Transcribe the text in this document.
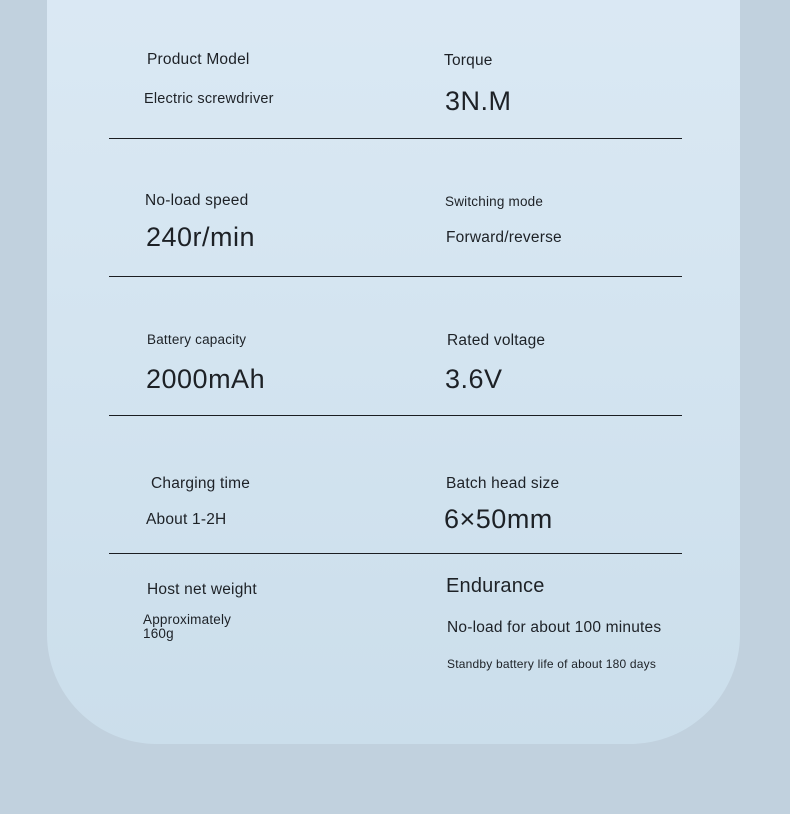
Product Model

Electric screwdriver

Torque

3N.M

No-load speed

240r/min

Switching mode

Forward/reverse

Battery capacity

2000mAh

Rated voltage

3.6V

Charging time

About 1-2H

Batch head size

6×50mm

Host net weight

Approximately 160g

Endurance

No-load for about 100 minutes

Standby battery life of about 180 days
